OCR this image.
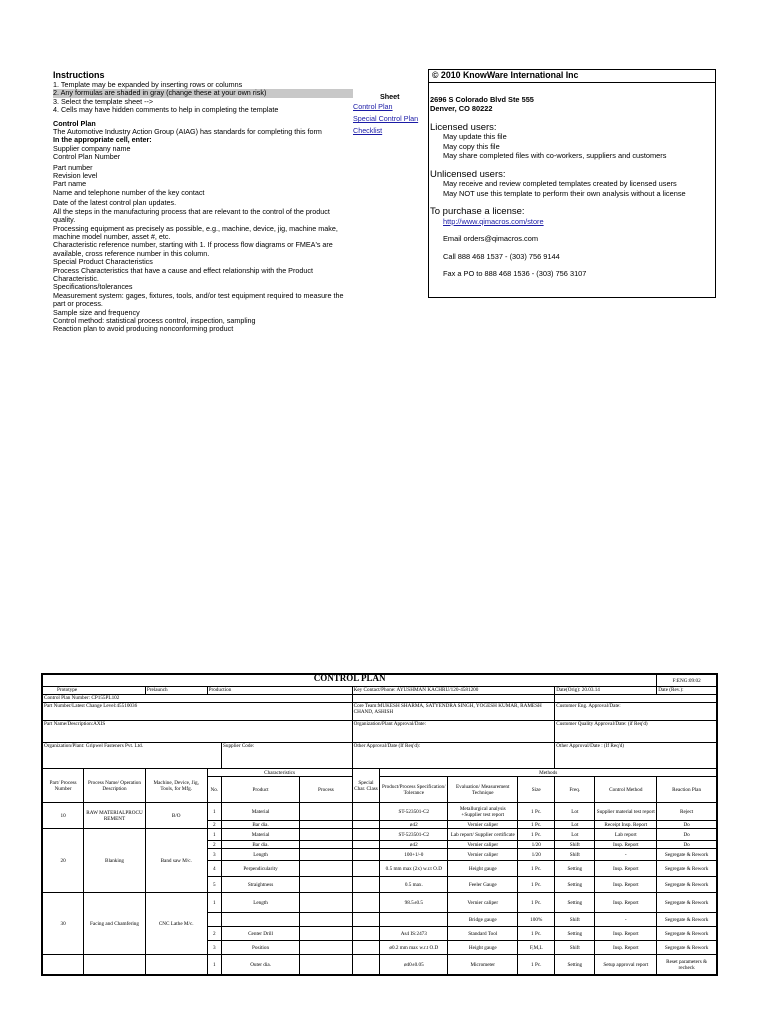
Instructions
1. Template may be expanded by inserting rows or columns
2. Any formulas are shaded in gray (change these at your own risk)
3. Select the template sheet -->
4. Cells may have hidden comments to help in completing the template
Control Plan
The Automotive Industry Action Group (AIAG) has standards for completing this form
In the appropriate cell, enter:
Supplier company name
Control Plan Number
Part number
Revision level
Part name
Name and telephone number of the key contact
Date of the latest control plan updates.
All the steps in the manufacturing process that are relevant to the control of the product quality.
Processing equipment as precisely as possible, e.g., machine, device, jig, machine make, machine model number, asset #, etc.
Characteristic reference number, starting with 1. If process flow diagrams or FMEA's are available, cross reference number in this column.
Special Product Characteristics
Process Characteristics that have a cause and effect relationship with the Product Characteristic.
Specifications/tolerances
Measurement system: gages, fixtures, tools, and/or test equipment required to measure the part or process.
Sample size and frequency
Control method: statistical process control, inspection, sampling
Reaction plan to avoid producing nonconforming product
Sheet
Control Plan
Special Control Plan
Checklist
© 2010 KnowWare International Inc
2696 S Colorado Blvd Ste 555
Denver, CO 80222
Licensed users:
May update this file
May copy this file
May share completed files with co-workers, suppliers and customers
Unlicensed users:
May receive and review completed templates created by licensed users
May NOT use this template to perform their own analysis without a license
To purchase a license:
http://www.qimacros.com/store
Email orders@qimacros.com
Call 888 468 1537 - (303) 756 9144
Fax a PO to 888 468 1536 - (303) 756 3107
CONTROL PLAN												F:ENG:09:02
Prototype		Prelaunch	Production			Key Contact/Phone: AYUSHMAN KACHRU/120-4581200				Date(Orig): 20.03.14		Date (Rev.):
Control Plan Number: CP155PL102												
Part Number/Latest Change Level:45510036						Core Team:MUKESH SHARMA, SATYENDRA SINGH, YOGESH KUMAR, RAMESH CHAND, ASHISH				Customer Eng. Approval/Date:		
Part Name/Description:AXIS						Organization/Plant Approval/Date:				Customer Quality Approval/Date: (if Req'd)		
Organization/Plant: Gripwel Fasteners Pvt. Ltd.				Supplier Code:		Other Approval/Date (If Req'd):				Other Approval/Date : (If Req'd)		
Part/ Process Number	Process Name/ Operation Description	Machine, Device, Jig, Tools, for Mfg.	Characteristics			Special Char. Class	Methods					
			No.	Product	Process		Product/Process Specification/ Tolerance	Evaluation/ Measurement Technique	Size	Freq.	Control Method	Reaction Plan
10	RAW MATERIALPROCU REMENT	B/O	1	Material			ST-523501-C2	Metallurgical analysis +Supplier test report	1 Pc.	Lot	Supplier material test report	Reject
			2	Bar dia.			ø42	Vernier caliper	1 Pc.	Lot	Receipt Insp. Report	Do
20	Blanking	Band saw M/c.	1	Material			ST-523501-C2	Lab report/ Supplier certificate	1 Pc.	Lot	Lab report	Do
			2	Bar dia.			ø42	Vernier caliper	1/20	Shift	Insp. Report	Do
			3	Length			100+1/-0	Vernier caliper	1/20	Shift	-	Segregate & Rework
			4	Perpendicularity			0.5 mm max (2x) w.r.t O.D	Height gauge	1 Pc.	Setting	Insp. Report	Segregate & Rework
			5	Straightness			0.5 max.	Feeler Gauge	1 Pc.	Setting	Insp. Report	Segregate & Rework
30	Facing and Chamfering	CNC Lathe M/c.	1	Length			98.5±0.5	Vernier caliper	1 Pc.	Setting	Insp. Report	Segregate & Rework
								Bridge gauge	100%	Shift	-	Segregate & Rework
			2	Center Drill			As4 IS:2473	Standard Tool	1 Pc.	Setting	Insp. Report	Segregate & Rework
			3	Position			ø0.2 mm max w.r.t O.D	Height gauge	F,M,L	Shift	Insp. Report	Segregate & Rework
			1	Outer dia.			ø40±0.05	Micrometer	1 Pc.	Setting	Setup approval report	Reset parameters & recheck
